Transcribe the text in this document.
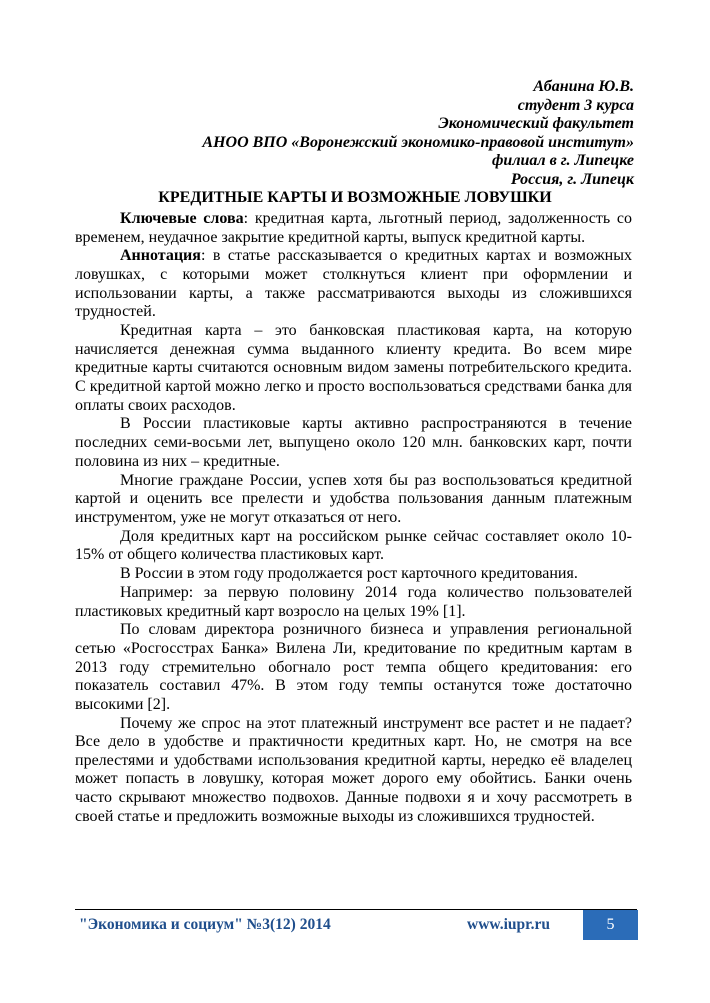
Абанина Ю.В.
студент 3 курса
Экономический факультет
АНОО ВПО «Воронежский экономико-правовой институт»
филиал в г. Липецке
Россия, г. Липецк
КРЕДИТНЫЕ КАРТЫ И ВОЗМОЖНЫЕ ЛОВУШКИ

Ключевые слова: кредитная карта, льготный период, задолженность со временем, неудачное закрытие кредитной карты, выпуск кредитной карты.

Аннотация: в статье рассказывается о кредитных картах и возможных ловушках, с которыми может столкнуться клиент при оформлении и использовании карты, а также рассматриваются выходы из сложившихся трудностей.

Кредитная карта – это банковская пластиковая карта, на которую начисляется денежная сумма выданного клиенту кредита. Во всем мире кредитные карты считаются основным видом замены потребительского кредита. С кредитной картой можно легко и просто воспользоваться средствами банка для оплаты своих расходов.

В России пластиковые карты активно распространяются в течение последних семи-восьми лет, выпущено около 120 млн. банковских карт, почти половина из них – кредитные.

Многие граждане России, успев хотя бы раз воспользоваться кредитной картой и оценить все прелести и удобства пользования данным платежным инструментом, уже не могут отказаться от него.

Доля кредитных карт на российском рынке сейчас составляет около 10-15% от общего количества пластиковых карт.

В России в этом году продолжается рост карточного кредитования.

Например: за первую половину 2014 года количество пользователей пластиковых кредитный карт возросло на целых 19% [1].

По словам директора розничного бизнеса и управления региональной сетью «Росгосстрах Банка» Вилена Ли, кредитование по кредитным картам в 2013 году стремительно обогнало рост темпа общего кредитования: его показатель составил 47%. В этом году темпы останутся тоже достаточно высокими [2].

Почему же спрос на этот платежный инструмент все растет и не падает? Все дело в удобстве и практичности кредитных карт. Но, не смотря на все прелестями и удобствами использования кредитной карты, нередко её владелец может попасть в ловушку, которая может дорого ему обойтись. Банки очень часто скрывают множество подвохов. Данные подвохи я и хочу рассмотреть в своей статье и предложить возможные выходы из сложившихся трудностей.

"Экономика и социум" №3(12) 2014	www.iupr.ru	5
